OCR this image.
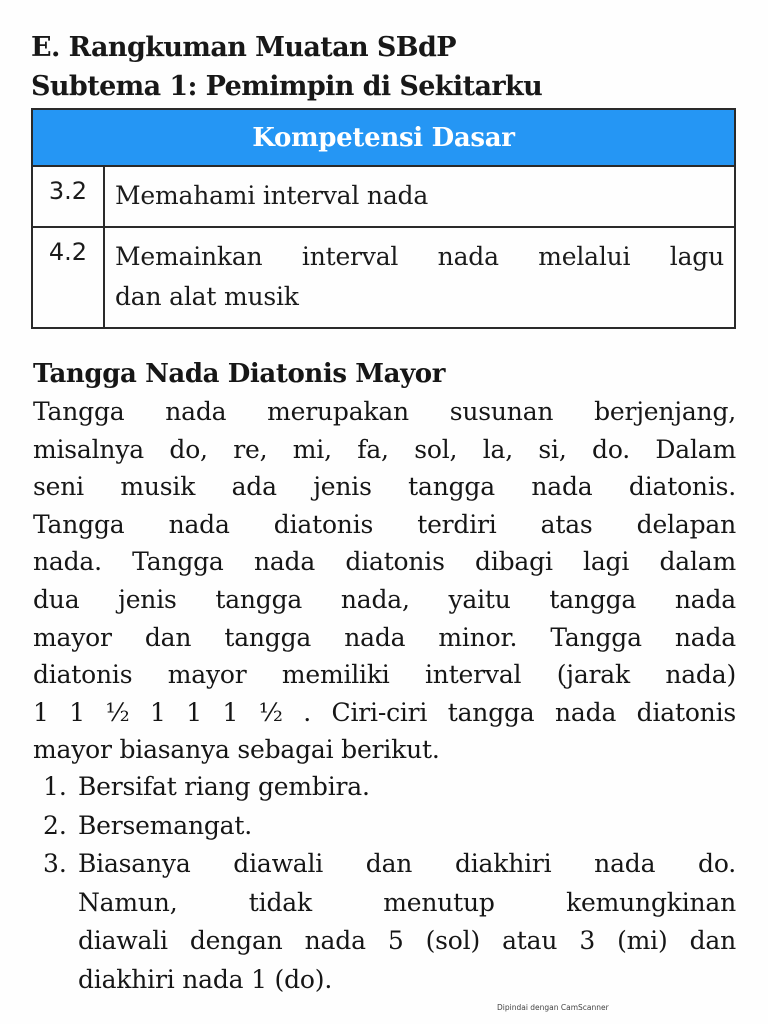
E. Rangkuman Muatan SBdP
Subtema 1: Pemimpin di Sekitarku
Kompetensi Dasar	
3.2	Memahami interval nada

4.2	Memainkan interval nada melalui lagu
dan alat musik
Tangga Nada Diatonis Mayor
Tangga nada merupakan susunan berjenjang,
misalnya do, re, mi, fa, sol, la, si, do. Dalam
seni musik ada jenis tangga nada diatonis.
Tangga nada diatonis terdiri atas delapan
nada. Tangga nada diatonis dibagi lagi dalam
dua jenis tangga nada, yaitu tangga nada
mayor dan tangga nada minor. Tangga nada
diatonis mayor memiliki interval (jarak nada)
1 1 ½ 1 1 1 ½ . Ciri-ciri tangga nada diatonis
mayor biasanya sebagai berikut.
1. Bersifat riang gembira.
2. Bersemangat.
3. Biasanya diawali dan diakhiri nada do.
Namun, tidak menutup kemungkinan
diawali dengan nada 5 (sol) atau 3 (mi) dan
diakhiri nada 1 (do).
Dipindai dengan CamScanner
